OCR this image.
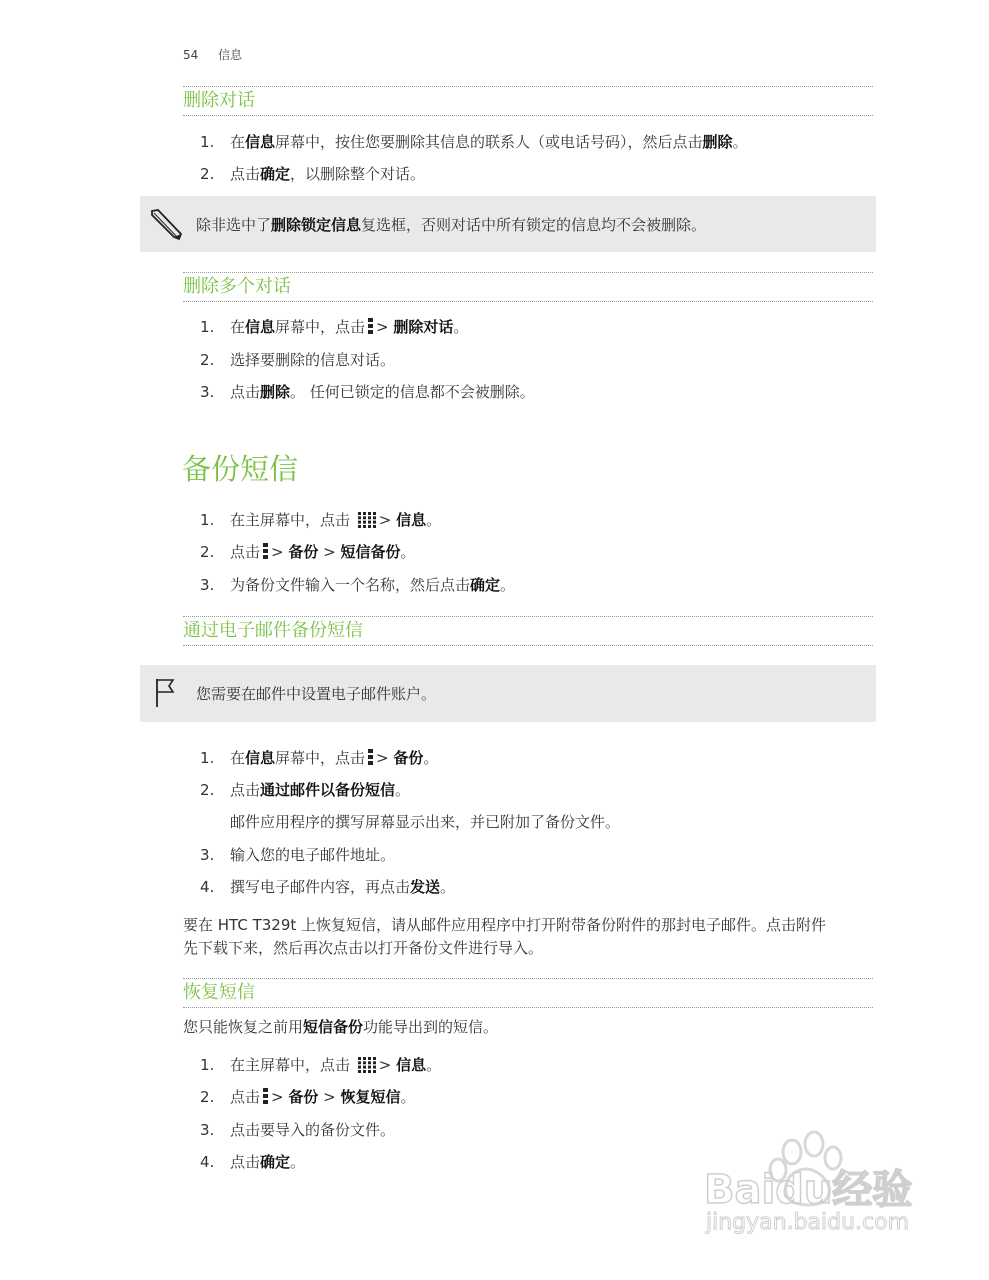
54 信息
删除对话
1. 在信息屏幕中，按住您要删除其信息的联系人（或电话号码），然后点击删除。
2. 点击确定，以删除整个对话。
除非选中了删除锁定信息复选框，否则对话中所有锁定的信息均不会被删除。
删除多个对话
1. 在信息屏幕中，点击 > 删除对话。
2. 选择要删除的信息对话。
3. 点击删除。 任何已锁定的信息都不会被删除。
备份短信
1. 在主屏幕中，点击 > 信息。
2. 点击 > 备份 > 短信备份。
3. 为备份文件输入一个名称，然后点击确定。
通过电子邮件备份短信
您需要在邮件中设置电子邮件账户。
1. 在信息屏幕中，点击 > 备份。
2. 点击通过邮件以备份短信。
邮件应用程序的撰写屏幕显示出来，并已附加了备份文件。
3. 输入您的电子邮件地址。
4. 撰写电子邮件内容，再点击发送。
要在 HTC T329t 上恢复短信，请从邮件应用程序中打开附带备份附件的那封电子邮件。点击附件
先下载下来，然后再次点击以打开备份文件进行导入。
恢复短信
您只能恢复之前用短信备份功能导出到的短信。
1. 在主屏幕中，点击 > 信息。
2. 点击 > 备份 > 恢复短信。
3. 点击要导入的备份文件。
4. 点击确定。
Baidu经验
jingyan.baidu.com
